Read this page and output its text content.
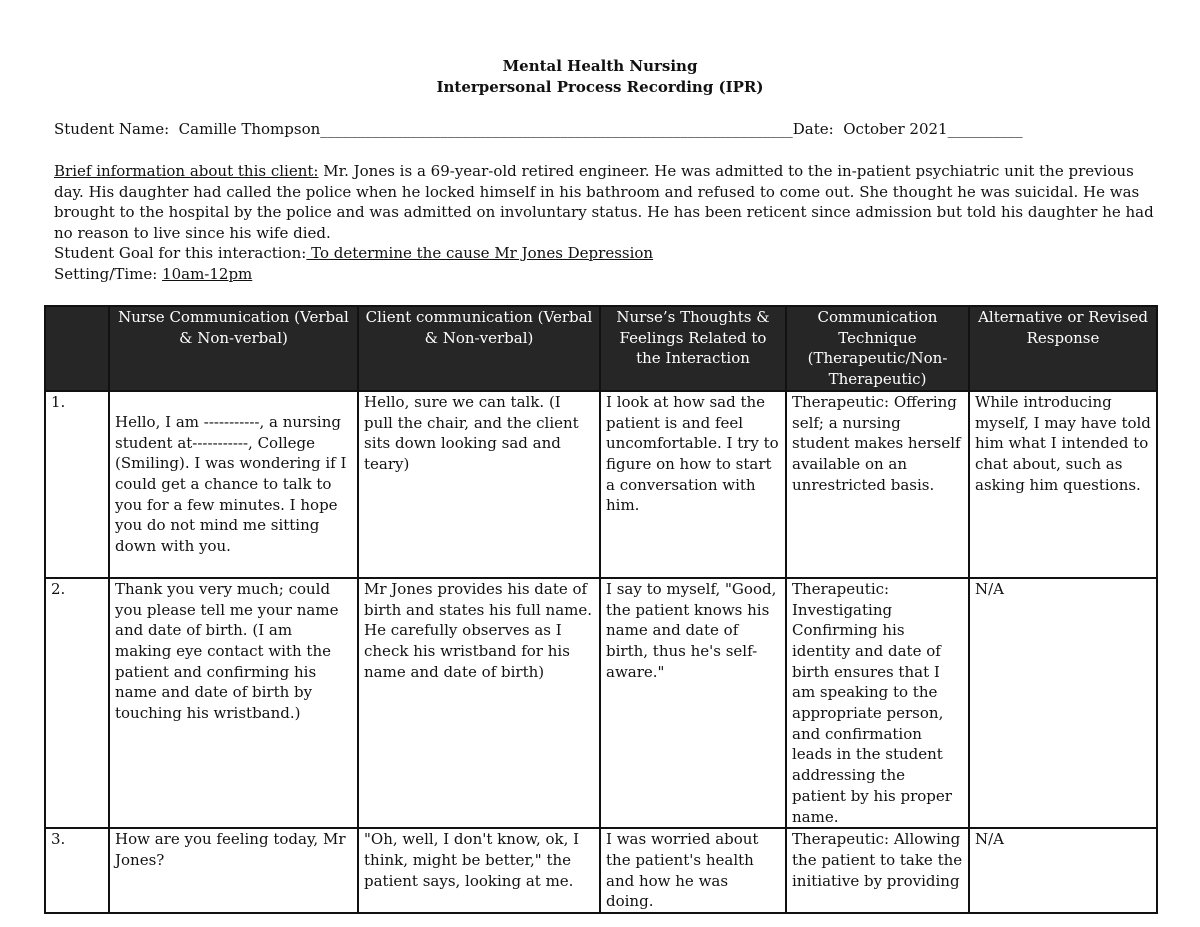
Mental Health Nursing
Interpersonal Process Recording (IPR)
Student Name: Camille Thompson_______________________________________________________________Date: October 2021__________
Brief information about this client: Mr. Jones is a 69-year-old retired engineer. He was admitted to the in-patient psychiatric unit the previous day. His daughter had called the police when he locked himself in his bathroom and refused to come out. She thought he was suicidal. He was brought to the hospital by the police and was admitted on involuntary status. He has been reticent since admission but told his daughter he had no reason to live since his wife died.
Student Goal for this interaction: To determine the cause Mr Jones Depression
Setting/Time: 10am-12pm
	Nurse Communication (Verbal & Non-verbal)	Client communication (Verbal & Non-verbal)	Nurse’s Thoughts & Feelings Related to the Interaction	Communication Technique (Therapeutic/Non-Therapeutic)	Alternative or Revised Response
1.	Hello, I am -----------, a nursing student at-----------, College (Smiling). I was wondering if I could get a chance to talk to you for a few minutes. I hope you do not mind me sitting down with you.	Hello, sure we can talk. (I pull the chair, and the client sits down looking sad and teary)	I look at how sad the patient is and feel uncomfortable. I try to figure on how to start a conversation with him.	Therapeutic: Offering self; a nursing student makes herself available on an unrestricted basis.	While introducing myself, I may have told him what I intended to chat about, such as asking him questions.
2.	Thank you very much; could you please tell me your name and date of birth. (I am making eye contact with the patient and confirming his name and date of birth by touching his wristband.)	Mr Jones provides his date of birth and states his full name. He carefully observes as I check his wristband for his name and date of birth)	I say to myself, "Good, the patient knows his name and date of birth, thus he's self-aware."	Therapeutic: Investigating Confirming his identity and date of birth ensures that I am speaking to the appropriate person, and confirmation leads in the student addressing the patient by his proper name.	N/A
3.	How are you feeling today, Mr Jones?	"Oh, well, I don't know, ok, I think, might be better," the patient says, looking at me.	I was worried about the patient's health and how he was doing.	Therapeutic: Allowing the patient to take the initiative by providing	N/A
